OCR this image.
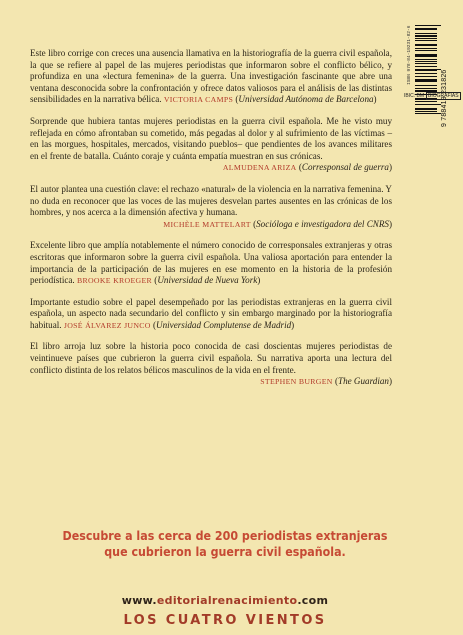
ISBN 978-84-19231-82-6
9 788419 231826
IBIC: BM BIOGRAFÍAS

Este libro corrige con creces una ausencia llamativa en la historiografía de la guerra civil española, la que se refiere al papel de las mujeres periodistas que informaron sobre el conflicto bélico, y profundiza en una «lectura femenina» de la guerra. Una investigación fascinante que abre una ventana desconocida sobre la confrontación y ofrece datos valiosos para el análisis de las distintas sensibilidades en la narrativa bélica. VICTORIA CAMPS (Universidad Autónoma de Barcelona)

Sorprende que hubiera tantas mujeres periodistas en la guerra civil española. Me he visto muy reflejada en cómo afrontaban su cometido, más pegadas al dolor y al sufrimiento de las víctimas –en las morgues, hospitales, mercados, visitando pueblos– que pendientes de los avances militares en el frente de batalla. Cuánto coraje y cuánta empatía muestran en sus crónicas.
ALMUDENA ARIZA (Corresponsal de guerra)

El autor plantea una cuestión clave: el rechazo «natural» de la violencia en la narrativa femenina. Y no duda en reconocer que las voces de las mujeres desvelan partes ausentes en las crónicas de los hombres, y nos acerca a la dimensión afectiva y humana.
MICHÈLE MATTELART (Socióloga e investigadora del CNRS)

Excelente libro que amplía notablemente el número conocido de corresponsales extranjeras y otras escritoras que informaron sobre la guerra civil española. Una valiosa aportación para entender la importancia de la participación de las mujeres en ese momento en la historia de la profesión periodística. BROOKE KROEGER (Universidad de Nueva York)

Importante estudio sobre el papel desempeñado por las periodistas extranjeras en la guerra civil española, un aspecto nada secundario del conflicto y sin embargo marginado por la historiografía habitual. JOSÉ ÁLVAREZ JUNCO (Universidad Complutense de Madrid)

El libro arroja luz sobre la historia poco conocida de casi doscientas mujeres periodistas de veintinueve países que cubrieron la guerra civil española. Su narrativa aporta una lectura del conflicto distinta de los relatos bélicos masculinos de la vida en el frente.
STEPHEN BURGEN (The Guardian)

Descubre a las cerca de 200 periodistas extranjeras
que cubrieron la guerra civil española.
www.editorialrenacimiento.com
LOS CUATRO VIENTOS
